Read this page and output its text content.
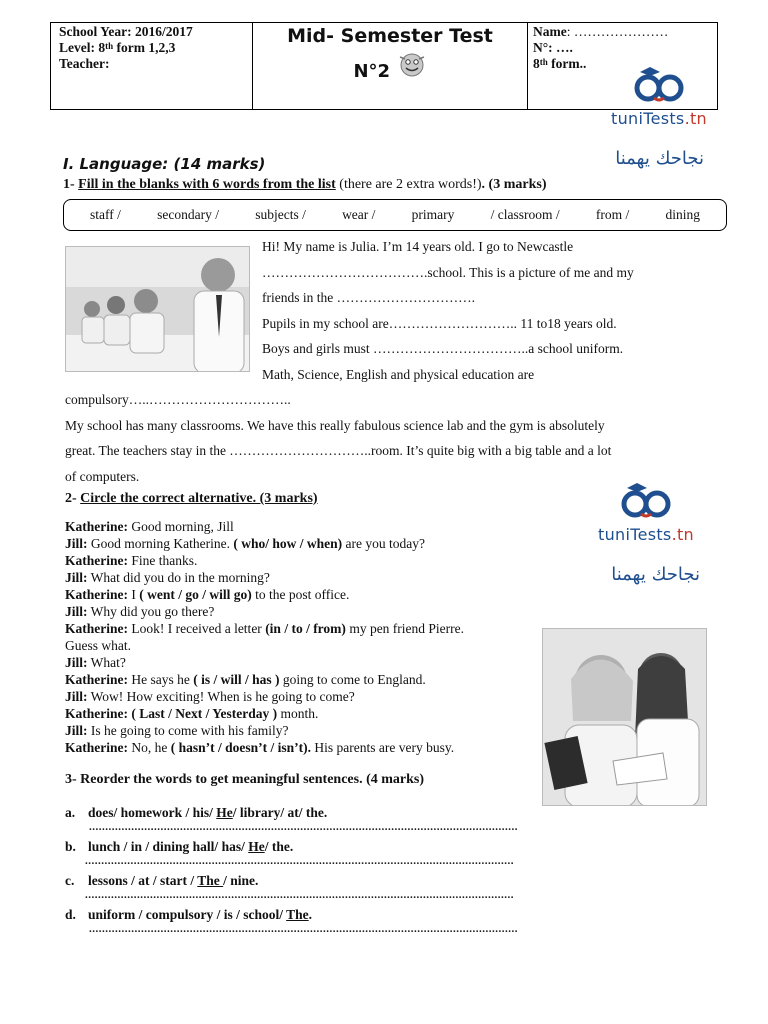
School Year: 2016/2017
Level: 8th form 1,2,3
Teacher:
Mid- Semester Test
N°2
Name: …………………
N°: ….
8th form..
tuniTests.tn
نجاحك يهمنا
I. Language: (14 marks)
1- Fill in the blanks with 6 words from the list (there are 2 extra words!). (3 marks)
staff /	secondary /	subjects /	wear /	primary	/ classroom /	from /	dining
Hi! My name is Julia. I’m 14 years old. I go to Newcastle
……………………………….school. This is a picture of me and my
friends in the ………………………….
Pupils in my school are……………………….. 11 to18 years old.
Boys and girls must ……………………………..a school uniform.
Math, Science, English and physical education are
compulsory…..…………………………..
My school has many classrooms. We have this really fabulous science lab and the gym is absolutely
great. The teachers stay in the …………………………..room. It’s quite big with a big table and a lot
of computers.
2- Circle the correct alternative. (3 marks)
tuniTests.tn
نجاحك يهمنا
Katherine: Good morning, Jill
Jill: Good morning Katherine. ( who/ how / when) are you today?
Katherine: Fine thanks.
Jill: What did you do in the morning?
Katherine: I ( went / go / will go) to the post office.
Jill: Why did you go there?
Katherine: Look! I received a letter (in / to / from) my pen friend Pierre.
Guess what.
Jill: What?
Katherine: He says he ( is / will / has ) going to come to England.
Jill: Wow! How exciting! When is he going to come?
Katherine: ( Last / Next / Yesterday ) month.
Jill: Is he going to come with his family?
Katherine: No, he ( hasn’t / doesn’t / isn’t). His parents are very busy.
3- Reorder the words to get meaningful sentences. (4 marks)
a. does/ homework / his/ He/ library/ at/ the.
....................................................................................................................................
b. lunch / in / dining hall/ has/ He/ the.
....................................................................................................................................
c. lessons / at / start / The / nine.
....................................................................................................................................
d. uniform / compulsory / is / school/ The.
....................................................................................................................................
